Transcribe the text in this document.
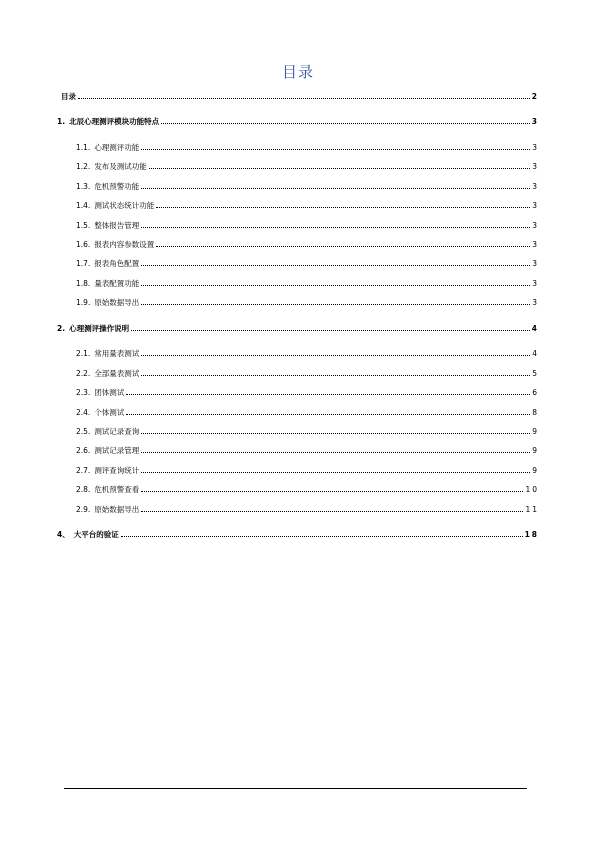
目录
目录	2
1. 北辰心理测评模块功能特点	3
1.1. 心理测评功能	3
1.2. 发布及测试功能	3
1.3. 危机预警功能	3
1.4. 测试状态统计功能	3
1.5. 整体报告管理	3
1.6. 报表内容参数设置	3
1.7. 报表角色配置	3
1.8. 量表配置功能	3
1.9. 原始数据导出	3
2. 心理测评操作说明	4
2.1. 常用量表测试	4
2.2. 全部量表测试	5
2.3. 团体测试	6
2.4. 个体测试	8
2.5. 测试记录查询	9
2.6. 测试记录管理	9
2.7. 测评查询统计	9
2.8. 危机预警查看	10
2.9. 原始数据导出	11
4、 大平台的验证	18
